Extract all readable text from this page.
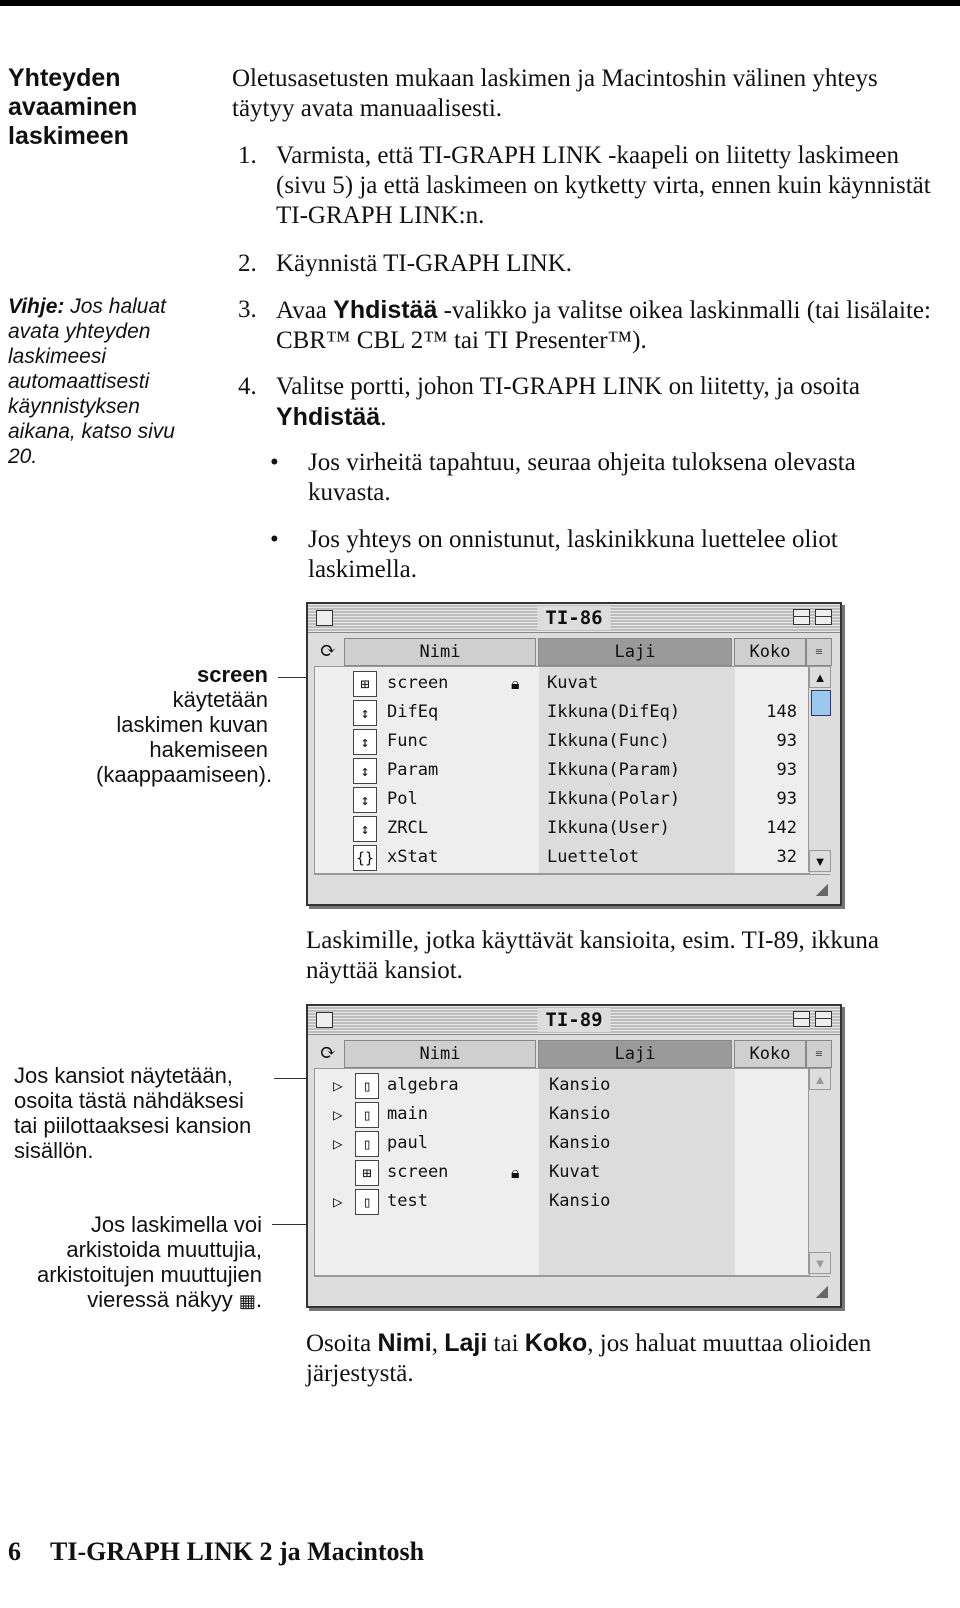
Yhteyden avaaminen laskimeen
Vihje: Jos haluat avata yhteyden laskimeesi automaattisesti käynnistyksen aikana, katso sivu 20.
Oletusasetusten mukaan laskimen ja Macintoshin välinen yhteys täytyy avata manuaalisesti.
1. Varmista, että TI-GRAPH LINK -kaapeli on liitetty laskimeen (sivu 5) ja että laskimeen on kytketty virta, ennen kuin käynnistät TI-GRAPH LINK:n.
2. Käynnistä TI-GRAPH LINK.
3. Avaa Yhdistää -valikko ja valitse oikea laskinmalli (tai lisälaite: CBR™ CBL 2™ tai TI Presenter™).
4. Valitse portti, johon TI-GRAPH LINK on liitetty, ja osoita Yhdistää.
• Jos virheitä tapahtuu, seuraa ohjeita tuloksena olevasta kuvasta.
• Jos yhteys on onnistunut, laskinikkuna luettelee oliot laskimella.
screen
käytetään laskimen kuvan hakemiseen (kaappaamiseen).
TI-86
⟳	Nimi	Laji	Koko	≡
⊞	screen	🔒︎ Kuvat
↕	DifEq	Ikkuna(DifEq)	148
↕	Func	Ikkuna(Func)	93
↕	Param	Ikkuna(Param)	93
↕	Pol	Ikkuna(Polar)	93
↕	ZRCL	Ikkuna(User)	142
{} xStat	Luettelot	32
▲
▼
◢
Laskimille, jotka käyttävät kansioita, esim. TI-89, ikkuna näyttää kansiot.
Jos kansiot näytetään, osoita tästä nähdäksesi tai piilottaaksesi kansion sisällön.
Jos laskimella voi arkistoida muuttujia, arkistoitujen muuttujien vieressä näkyy ▦.
TI-89
⟳	Nimi	Laji	Koko	≡
▷	▯ algebra	Kansio
▷	▯ main	Kansio
▷	▯ paul	Kansio
⊞ screen	🔒︎ Kuvat
▷	▯ test	Kansio
▲
▼
◢
Osoita Nimi, Laji tai Koko, jos haluat muuttaa olioiden järjestystä.
6 TI-GRAPH LINK 2 ja Macintosh
